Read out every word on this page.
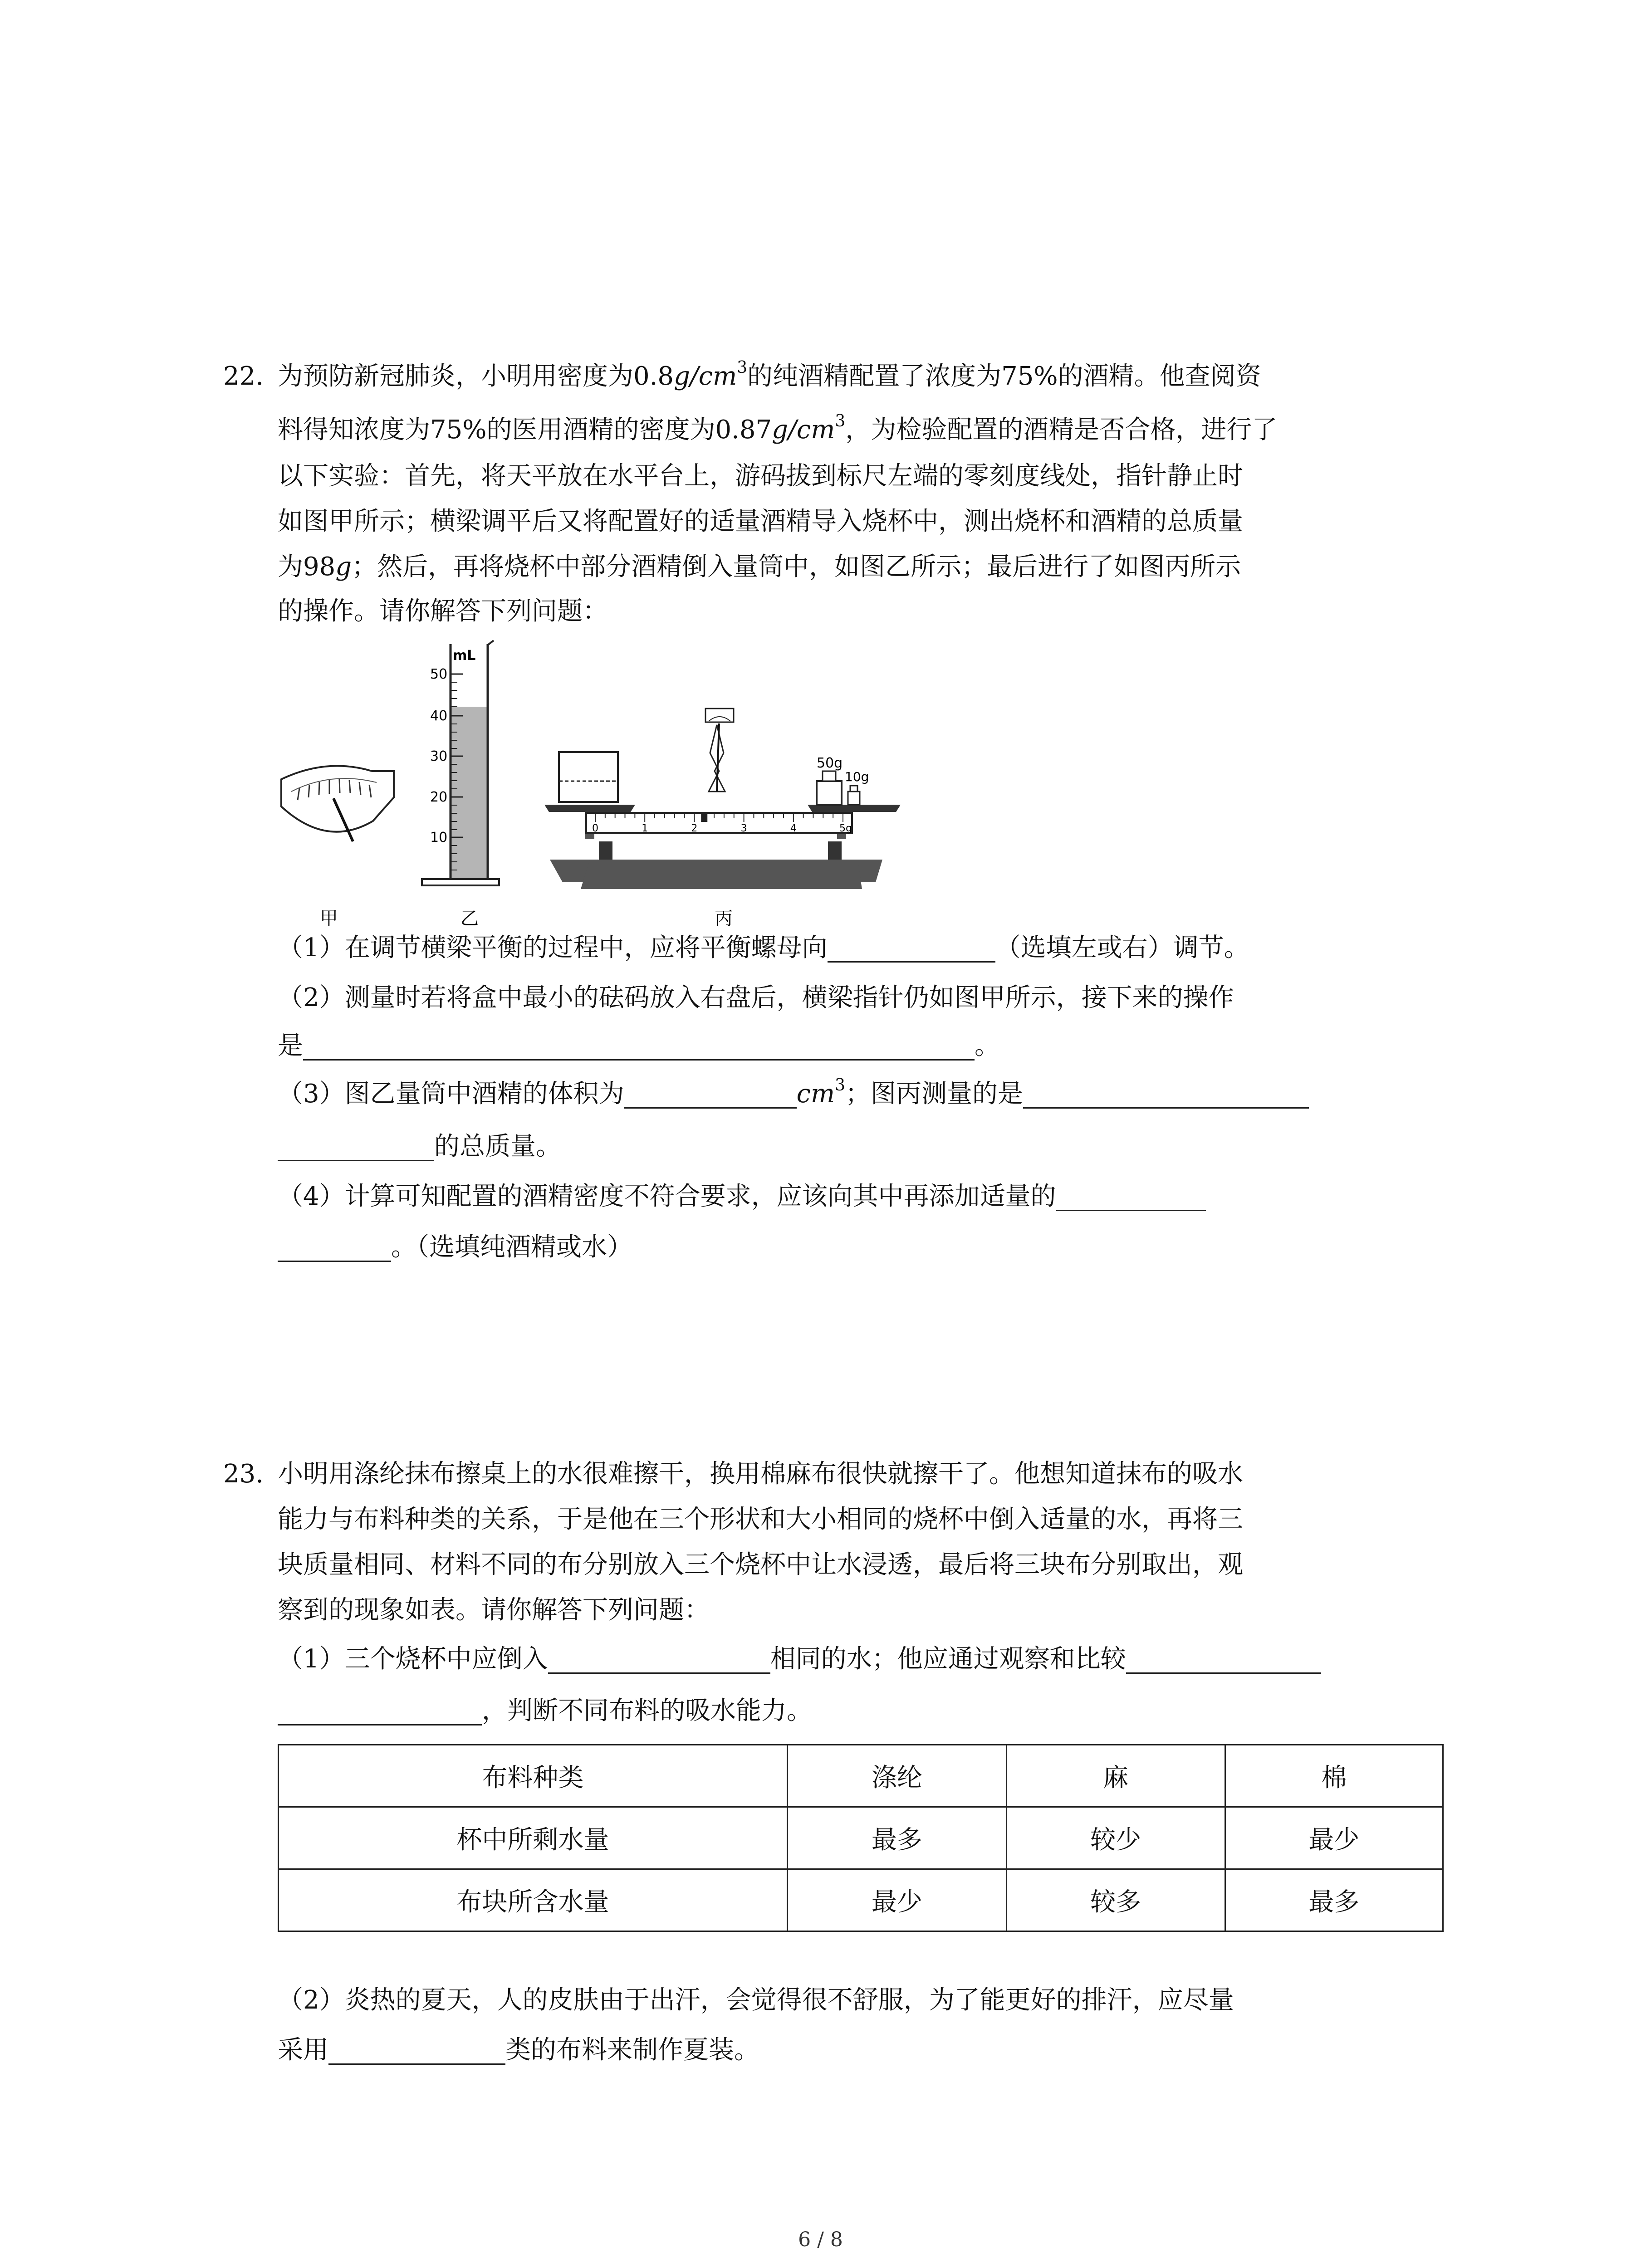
22. 为预防新冠肺炎，小明用密度为$0.8g/cm^3$的纯酒精配置了浓度为75%的酒精。他查阅资
料得知浓度为75%的医用酒精的密度为$0.87g/cm^3$，为检验配置的酒精是否合格，进行了
以下实验：首先，将天平放在水平台上，游码拔到标尺左端的零刻度线处，指针静止时
如图甲所示；横梁调平后又将配置好的适量酒精导入烧杯中，测出烧杯和酒精的总质量
为98g；然后，再将烧杯中部分酒精倒入量筒中，如图乙所示；最后进行了如图丙所示
的操作。请你解答下列问题：
甲
mL
50
40
30
20
10
乙
50g
10g
0	1	2	3	4	5g
丙
（1）在调节横梁平衡的过程中，应将平衡螺母向	（选填左或右）调节。
（2）测量时若将盒中最小的砝码放入右盘后，横梁指针仍如图甲所示，接下来的操作
是	。
（3）图乙量筒中酒精的体积为	$cm^3$；图丙测量的是
的总质量。
（4）计算可知配置的酒精密度不符合要求，应该向其中再添加适量的
。（选填纯酒精或水）
23. 小明用涤纶抹布擦桌上的水很难擦干，换用棉麻布很快就擦干了。他想知道抹布的吸水
能力与布料种类的关系，于是他在三个形状和大小相同的烧杯中倒入适量的水，再将三
块质量相同、材料不同的布分别放入三个烧杯中让水浸透，最后将三块布分别取出，观
察到的现象如表。请你解答下列问题：
（1）三个烧杯中应倒入	相同的水；他应通过观察和比较
，判断不同布料的吸水能力。
布料种类	涤纶	麻	棉
杯中所剩水量	最多	较少	最少
布块所含水量	最少	较多	最多
（2）炎热的夏天，人的皮肤由于出汗，会觉得很不舒服，为了能更好的排汗，应尽量
采用	类的布料来制作夏装。
6 / 8
